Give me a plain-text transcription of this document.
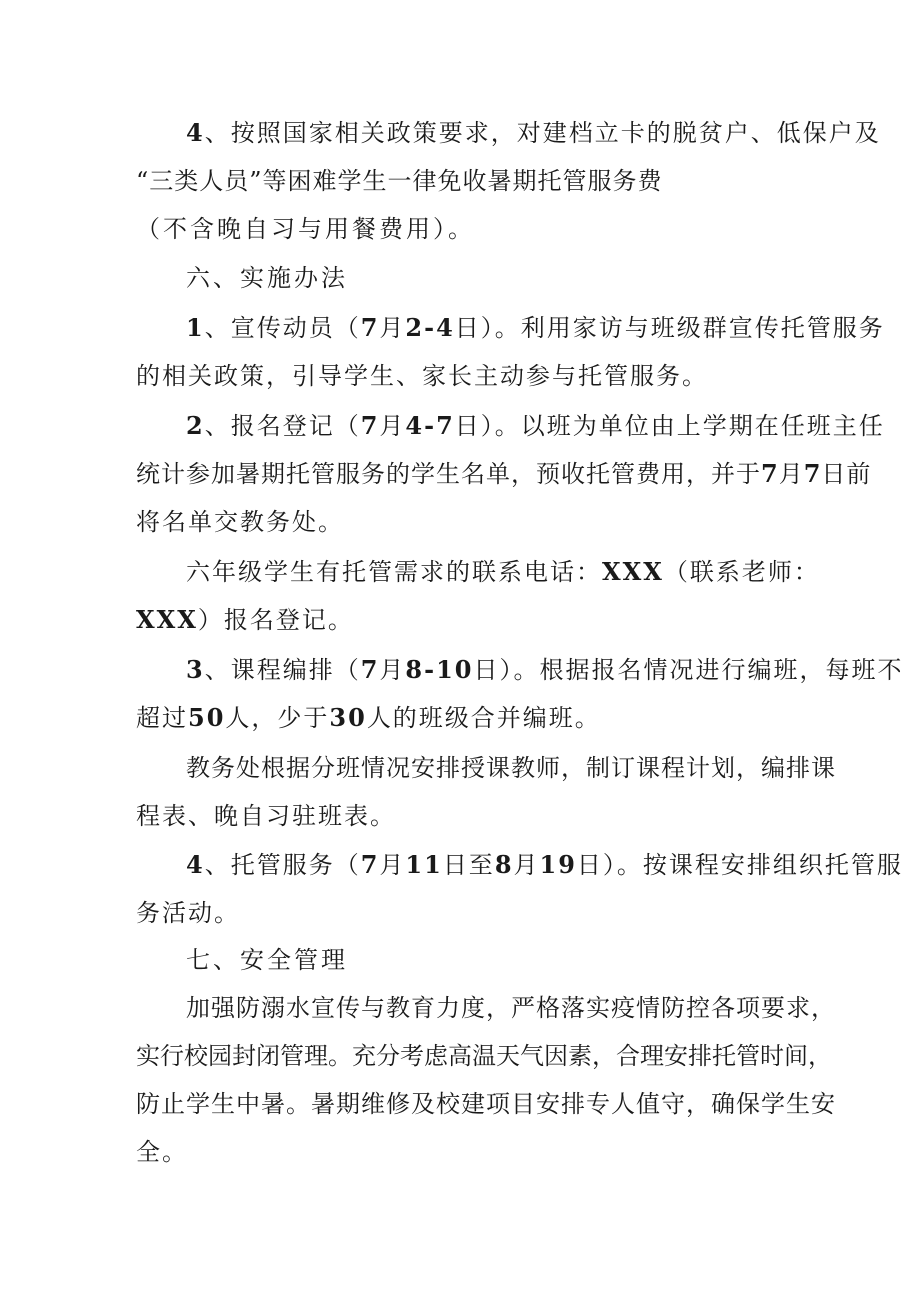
4、按照国家相关政策要求，对建档立卡的脱贫户、低保户及
“三类人员”等困难学生一律免收暑期托管服务费
（不含晚自习与用餐费用）。
六、实施办法
1、宣传动员（7月2-4日）。利用家访与班级群宣传托管服务
的相关政策，引导学生、家长主动参与托管服务。
2、报名登记（7月4-7日）。以班为单位由上学期在任班主任
统计参加暑期托管服务的学生名单，预收托管费用，并于7月7日前
将名单交教务处。
六年级学生有托管需求的联系电话：XXX（联系老师：
XXX）报名登记。
3、课程编排（7月8-10日）。根据报名情况进行编班，每班不
超过50人，少于30人的班级合并编班。
教务处根据分班情况安排授课教师，制订课程计划，编排课
程表、晚自习驻班表。
4、托管服务（7月11日至8月19日）。按课程安排组织托管服
务活动。
七、安全管理
加强防溺水宣传与教育力度，严格落实疫情防控各项要求，
实行校园封闭管理。充分考虑高温天气因素，合理安排托管时间，
防止学生中暑。暑期维修及校建项目安排专人值守，确保学生安
全。
